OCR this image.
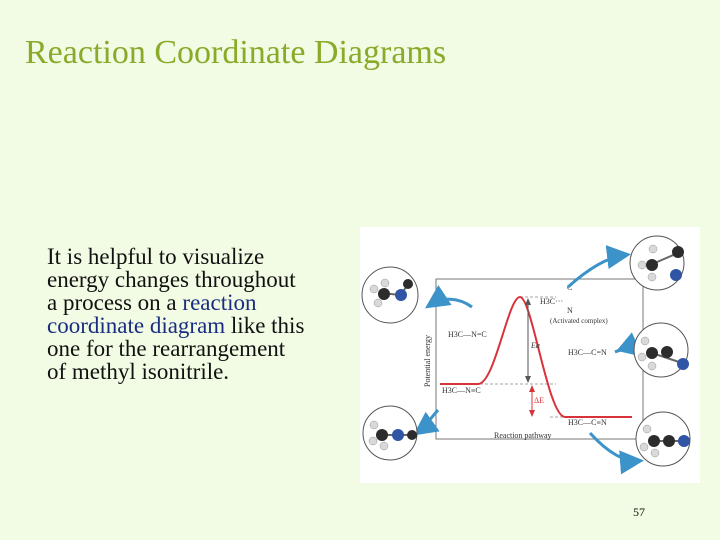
Reaction Coordinate Diagrams
It is helpful to visualize energy changes throughout a process on a reaction coordinate diagram like this one for the rearrangement of methyl isonitrile.
Ea
ΔE
Potential energy
Reaction pathway
H3C—N≡C
H3C—C≡N
H3C—N=C
H3C—C=N
C
H3C···
N
(Activated complex)
57
